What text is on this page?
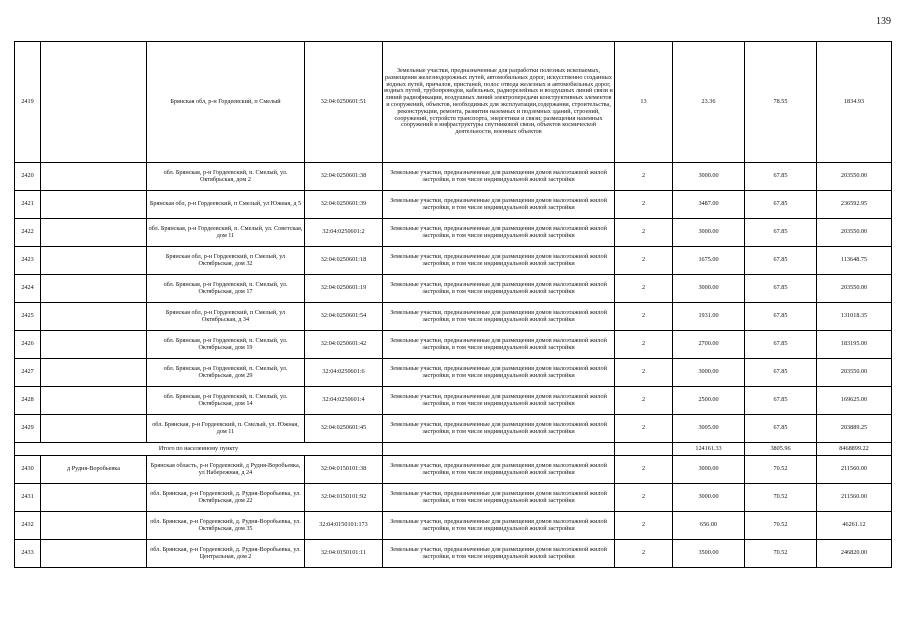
139
2419		Брянская обл, р-н Гордеевский, п Смелый	32:04:0250601:51	Земельные участки, предназначенные для разработки полезных ископаемых, размещения железнодорожных путей, автомобильных дорог, искусственно созданных водных путей, причалов, пристаней, полос отвода железных и автомобильных дорог, водных путей, трубопроводов, кабельных, радиорелейных и воздушных линий связи и линий радиофикации, воздушных линий электропередачи конструктивных элементов и сооружений, объектов, необходимых для эксплуатации,содержания, строительства, реконструкции, ремонта, развития наземных и подземных зданий, строений, сооружений, устройств транспорта, энергетики и связи; размещения наземных сооружений и инфраструктуры спутниковой связи, объектов космической деятельности, военных объектов	13	23.36	78.55	1834.93
2420		обл. Брянская, р-н Гордеевский, п. Смелый, ул. Октябрьская, дом 2	32:04:0250601:38	Земельные участки, предназначенные для размещения домов малоэтажной жилой застройки, в том числе индивидуальной жилой застройки	2	3000.00	67.85	203550.00
2421		Брянская обл, р-н Гордеевский, п Смелый, ул Южная, д 5	32:04:0250601:39	Земельные участки, предназначенные для размещения домов малоэтажной жилой застройки, в том числе индивидуальной жилой застройки	2	3487.00	67.85	236592.95
2422		обл. Брянская, р-н Гордеевский, п. Смелый, ул. Советская, дом 11	32:04:0250601:2	Земельные участки, предназначенные для размещения домов малоэтажной жилой застройки, в том числе индивидуальной жилой застройки	2	3000.00	67.85	203550.00
2423		Брянская обл, р-н Гордеевский, п Смелый, ул Октябрьская, дом 32	32:04:0250601:18	Земельные участки, предназначенные для размещения домов малоэтажной жилой застройки, в том числе индивидуальной жилой застройки	2	1675.00	67.85	113648.75
2424		обл. Брянская, р-н Гордеевский, п. Смелый, ул. Октябрьская, дом 17	32:04:0250601:19	Земельные участки, предназначенные для размещения домов малоэтажной жилой застройки, в том числе индивидуальной жилой застройки	2	3000.00	67.85	203550.00
2425		Брянская обл, р-н Гордеевский, п Смелый, ул Октябрьская, д 34	32:04:0250601:54	Земельные участки, предназначенные для размещения домов малоэтажной жилой застройки, в том числе индивидуальной жилой застройки	2	1931.00	67.85	131018.35
2426		обл. Брянская, р-н Гордеевский, п. Смелый, ул. Октябрьская, дом 19	32:04:0250601:42	Земельные участки, предназначенные для размещения домов малоэтажной жилой застройки, в том числе индивидуальной жилой застройки	2	2700.00	67.85	183195.00
2427		обл. Брянская, р-н Гордеевский, п. Смелый, ул. Октябрьская, дом 29	32:04:0250601:6	Земельные участки, предназначенные для размещения домов малоэтажной жилой застройки, в том числе индивидуальной жилой застройки	2	3000.00	67.85	203550.00
2428		обл. Брянская, р-н Гордеевский, п. Смелый, ул. Октябрьская, дом 14	32:04:0250601:4	Земельные участки, предназначенные для размещения домов малоэтажной жилой застройки, в том числе индивидуальной жилой застройки	2	2500.00	67.85	169625.00
2429		обл. Брянская, р-н Гордеевский, п. Смелый, ул. Южная, дом 11	32:04:0250601:45	Земельные участки, предназначенные для размещения домов малоэтажной жилой застройки, в том числе индивидуальной жилой застройки	2	3005.00	67.85	203889.25
Итого по населенному пункту						124161.33	3805.96	8468899.22
2430	д Рудня-Воробьевка	Брянская область, р-н Гордеевский, д Рудня-Воробьевка, ул Набережная, д 24	32:04:0150101:38	Земельные участки, предназначенные для размещения домов малоэтажной жилой застройки, в том числе индивидуальной жилой застройки	2	3000.00	70.52	211560.00
2431		обл. Брянская, р-н Гордеевский, д. Рудня-Воробьевка, ул. Октябрьская, дом 22	32:04:0150101:92	Земельные участки, предназначенные для размещения домов малоэтажной жилой застройки, в том числе индивидуальной жилой застройки	2	3000.00	70.52	211560.00
2432		обл. Брянская, р-н Гордеевский, д. Рудня-Воробьевка, ул. Октябрьская, дом 35	32:04:0150101:173	Земельные участки, предназначенные для размещения домов малоэтажной жилой застройки, в том числе индивидуальной жилой застройки	2	656.00	70.52	46261.12
2433		обл. Брянская, р-н Гордеевский, д. Рудня-Воробьевка, ул. Центральная, дом 2	32:04:0150101:11	Земельные участки, предназначенные для размещения домов малоэтажной жилой застройки, в том числе индивидуальной жилой застройки	2	3500.00	70.52	246820.00
